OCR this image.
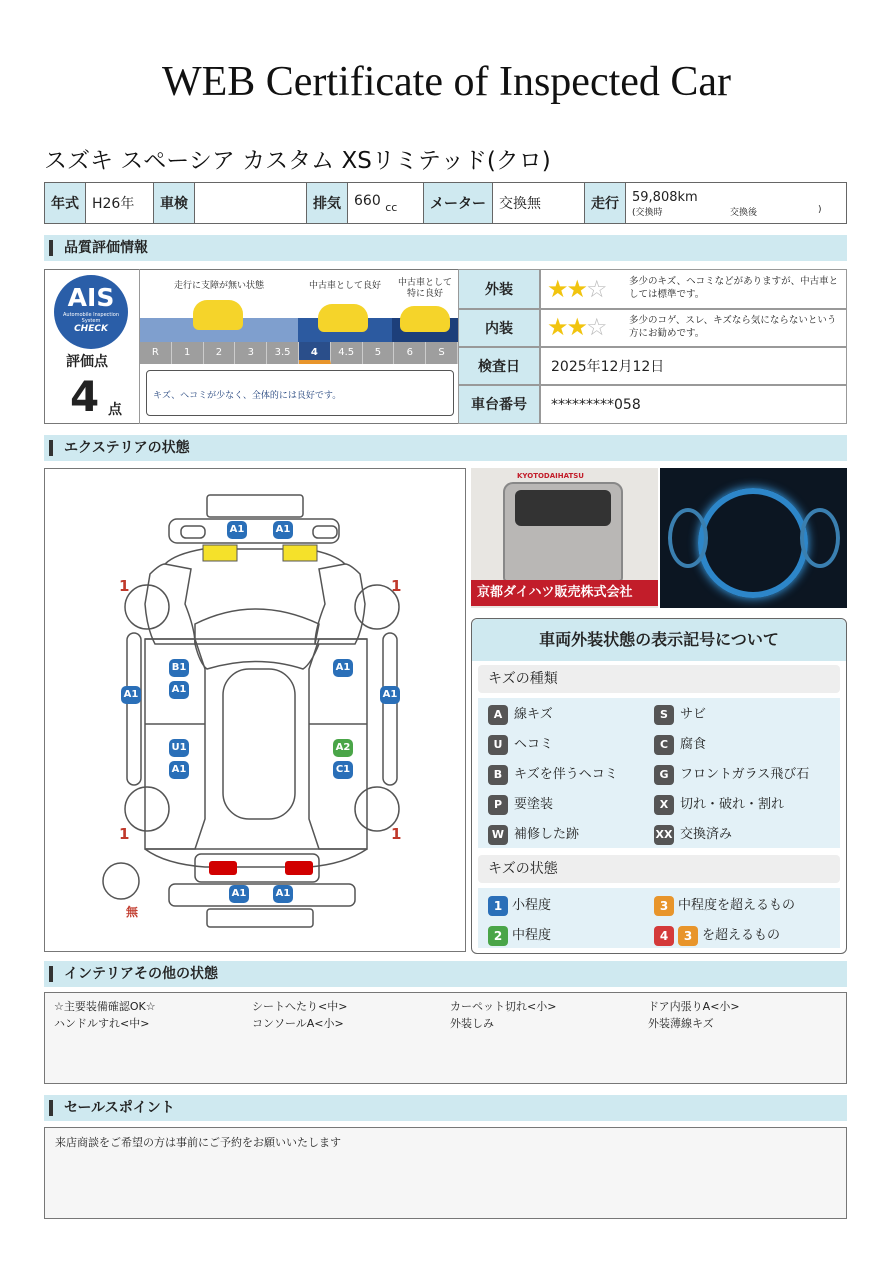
WEB Certificate of Inspected Car
スズキ スペーシア カスタム XSリミテッド(クロ)
年式	H26年	車検		排気	660 $_{cc}$	メーター	交換無	走行	59,808km
(交換時	交換後	)
品質評価情報
AIS
Automobile Inspection System
CHECK
評価点
4 点
走行に支障が無い状態	中古車として良好	中古車として特に良好
R	1	2	3	3.5	4	4.5	5	6	S
キズ、ヘコミが少なく、全体的には良好です。
外装	★★☆ 多少のキズ、ヘコミなどがありますが、中古車としては標準です。
内装	★★☆ 多少のコゲ、スレ、キズなら気にならないという方にお勧めです。
検査日	2025年12月12日
車台番号	*********058
エクステリアの状態
A1	A1
B1
A1
A1
U1
A1
A1
A1
A2
C1
A1	A1
1	1
1	1
無
KYOTODAIHATSU
京都ダイハツ販売株式会社
車両外装状態の表示記号について
キズの種類
A 線キズ	S サビ
U ヘコミ	C 腐食
B キズを伴うヘコミ	G フロントガラス飛び石
P 要塗装	X 切れ・破れ・割れ
W 補修した跡	XX 交換済み
キズの状態
1 小程度	3 中程度を超えるもの
2 中程度	4 3 を超えるもの
インテリアその他の状態
☆主要装備確認OK☆	シートへたり<中>	カーペット切れ<小>	ドア内張りA<小>
ハンドルすれ<中>	コンソールA<小>	外装しみ	外装薄線キズ
セールスポイント
来店商談をご希望の方は事前にご予約をお願いいたします
